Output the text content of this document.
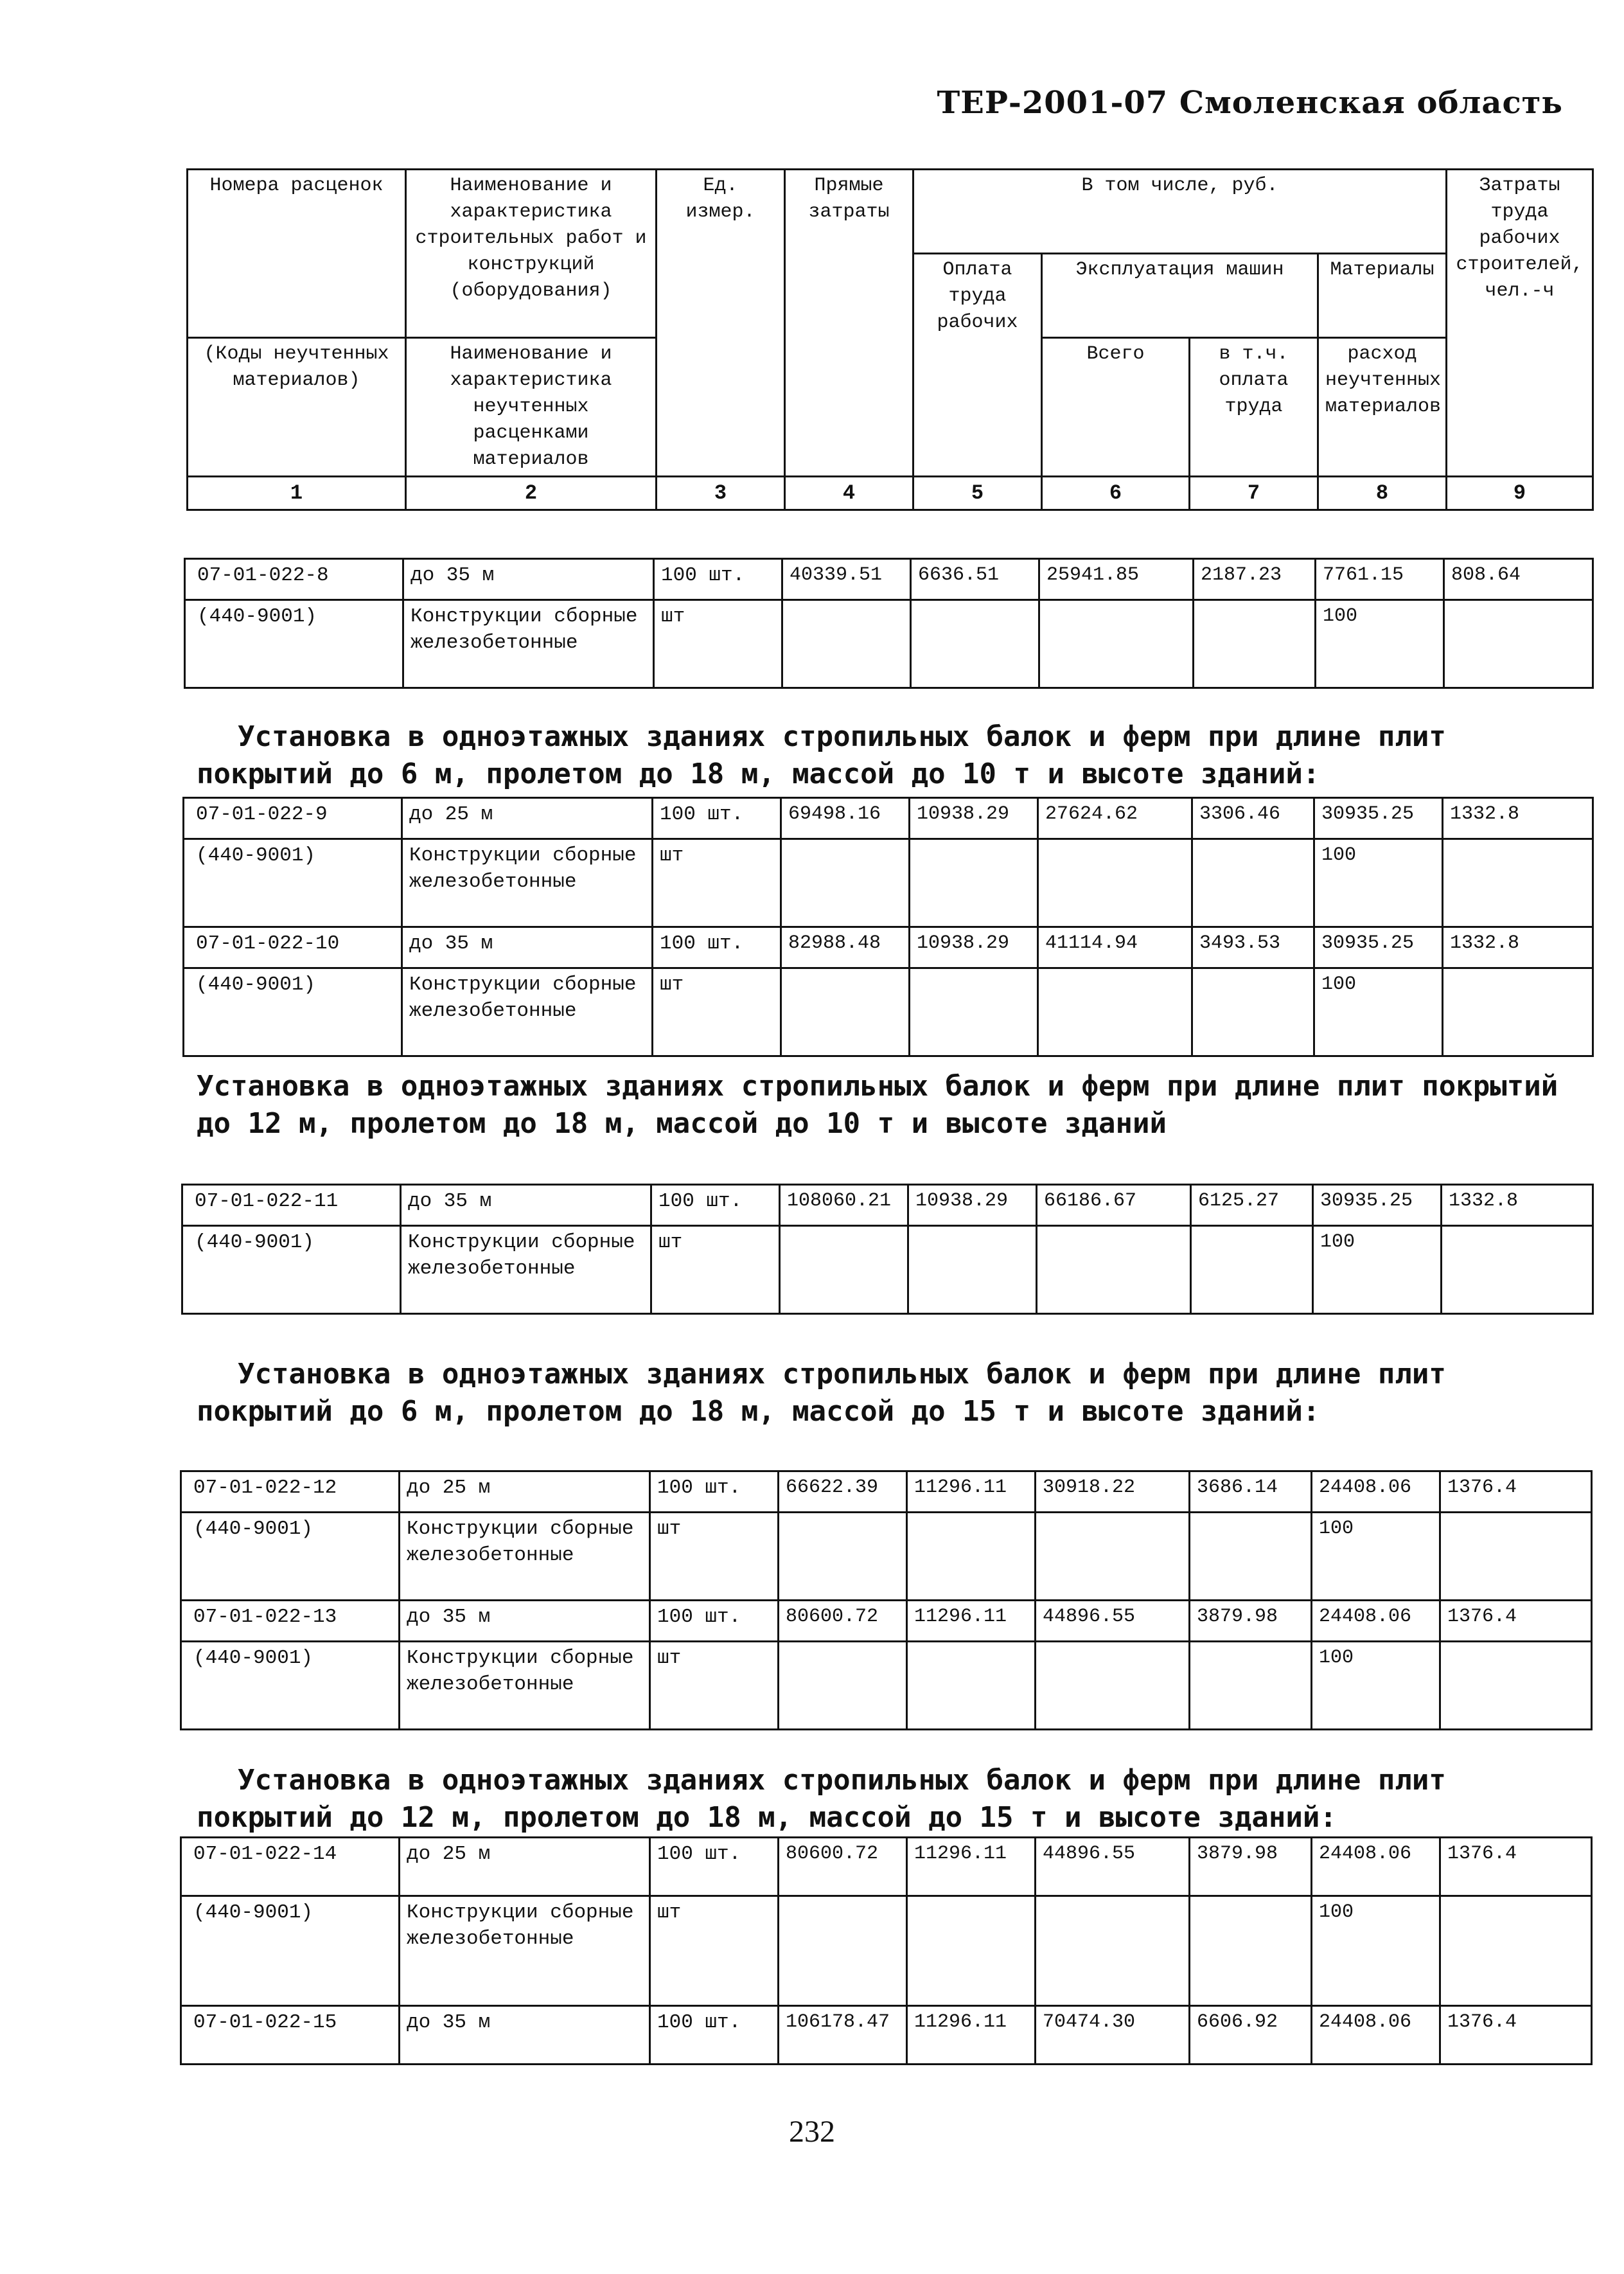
ТЕР-2001-07 Смоленская область
Номера расценок	Наименование и характеристика строительных работ и конструкций (оборудования)	Ед. измер.	Прямые затраты	В том числе, руб.				Затраты труда рабочих строителей, чел.-ч
				Оплата труда рабочих	Эксплуатация машин		Материалы	
(Коды неучтенных материалов)	Наименование и характеристика неучтенных расценками материалов				Всего	в т.ч. оплата труда	расход неучтенных материалов	
1	2	3	4	5	6	7	8	9
07-01-022-8	до 35 м	100 шт.	40339.51	6636.51	25941.85	2187.23	7761.15	808.64
(440-9001)	Конструкции сборные железобетонные	шт					100	
Установка в одноэтажных зданиях стропильных балок и ферм при длине плит покрытий до 6 м, пролетом до 18 м, массой до 10 т и высоте зданий:
07-01-022-9	до 25 м	100 шт.	69498.16	10938.29	27624.62	3306.46	30935.25	1332.8
(440-9001)	Конструкции сборные железобетонные	шт					100	
07-01-022-10	до 35 м	100 шт.	82988.48	10938.29	41114.94	3493.53	30935.25	1332.8
(440-9001)	Конструкции сборные железобетонные	шт					100	
Установка в одноэтажных зданиях стропильных балок и ферм при длине плит покрытий до 12 м, пролетом до 18 м, массой до 10 т и высоте зданий
07-01-022-11	до 35 м	100 шт.	108060.21	10938.29	66186.67	6125.27	30935.25	1332.8
(440-9001)	Конструкции сборные железобетонные	шт					100	
Установка в одноэтажных зданиях стропильных балок и ферм при длине плит покрытий до 6 м, пролетом до 18 м, массой до 15 т и высоте зданий:
07-01-022-12	до 25 м	100 шт.	66622.39	11296.11	30918.22	3686.14	24408.06	1376.4
(440-9001)	Конструкции сборные железобетонные	шт					100	
07-01-022-13	до 35 м	100 шт.	80600.72	11296.11	44896.55	3879.98	24408.06	1376.4
(440-9001)	Конструкции сборные железобетонные	шт					100	
Установка в одноэтажных зданиях стропильных балок и ферм при длине плит покрытий до 12 м, пролетом до 18 м, массой до 15 т и высоте зданий:
07-01-022-14	до 25 м	100 шт.	80600.72	11296.11	44896.55	3879.98	24408.06	1376.4
(440-9001)	Конструкции сборные железобетонные	шт					100	
07-01-022-15	до 35 м	100 шт.	106178.47	11296.11	70474.30	6606.92	24408.06	1376.4
232
